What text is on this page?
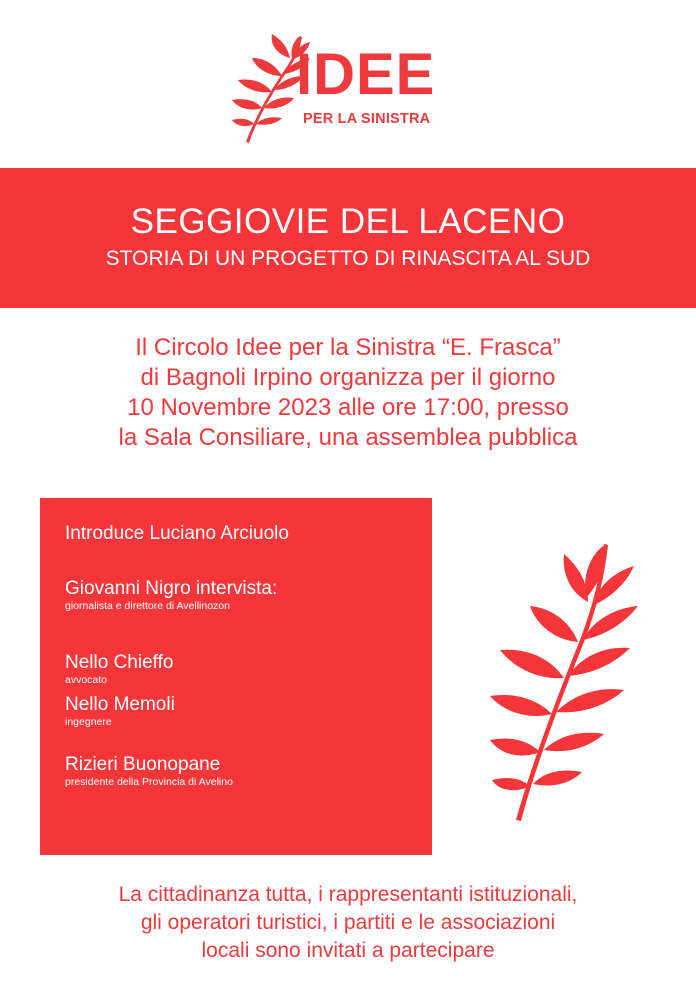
IDEE
PER LA SINISTRA
SEGGIOVIE DEL LACENO
STORIA DI UN PROGETTO DI RINASCITA AL SUD

Il Circolo Idee per la Sinistra “E. Frasca”

di Bagnoli Irpino organizza per il giorno

10 Novembre 2023 alle ore 17:00, presso

la Sala Consiliare, una assemblea pubblica

Introduce Luciano Arciuolo
Giovanni Nigro intervista:
giornalista e direttore di Avellinozon
Nello Chieffo
avvocato
Nello Memoli
ingegnere
Rizieri Buonopane
presidente della Provincia di Avelino

La cittadinanza tutta, i rappresentanti istituzionali,

gli operatori turistici, i partiti e le associazioni

locali sono invitati a partecipare
